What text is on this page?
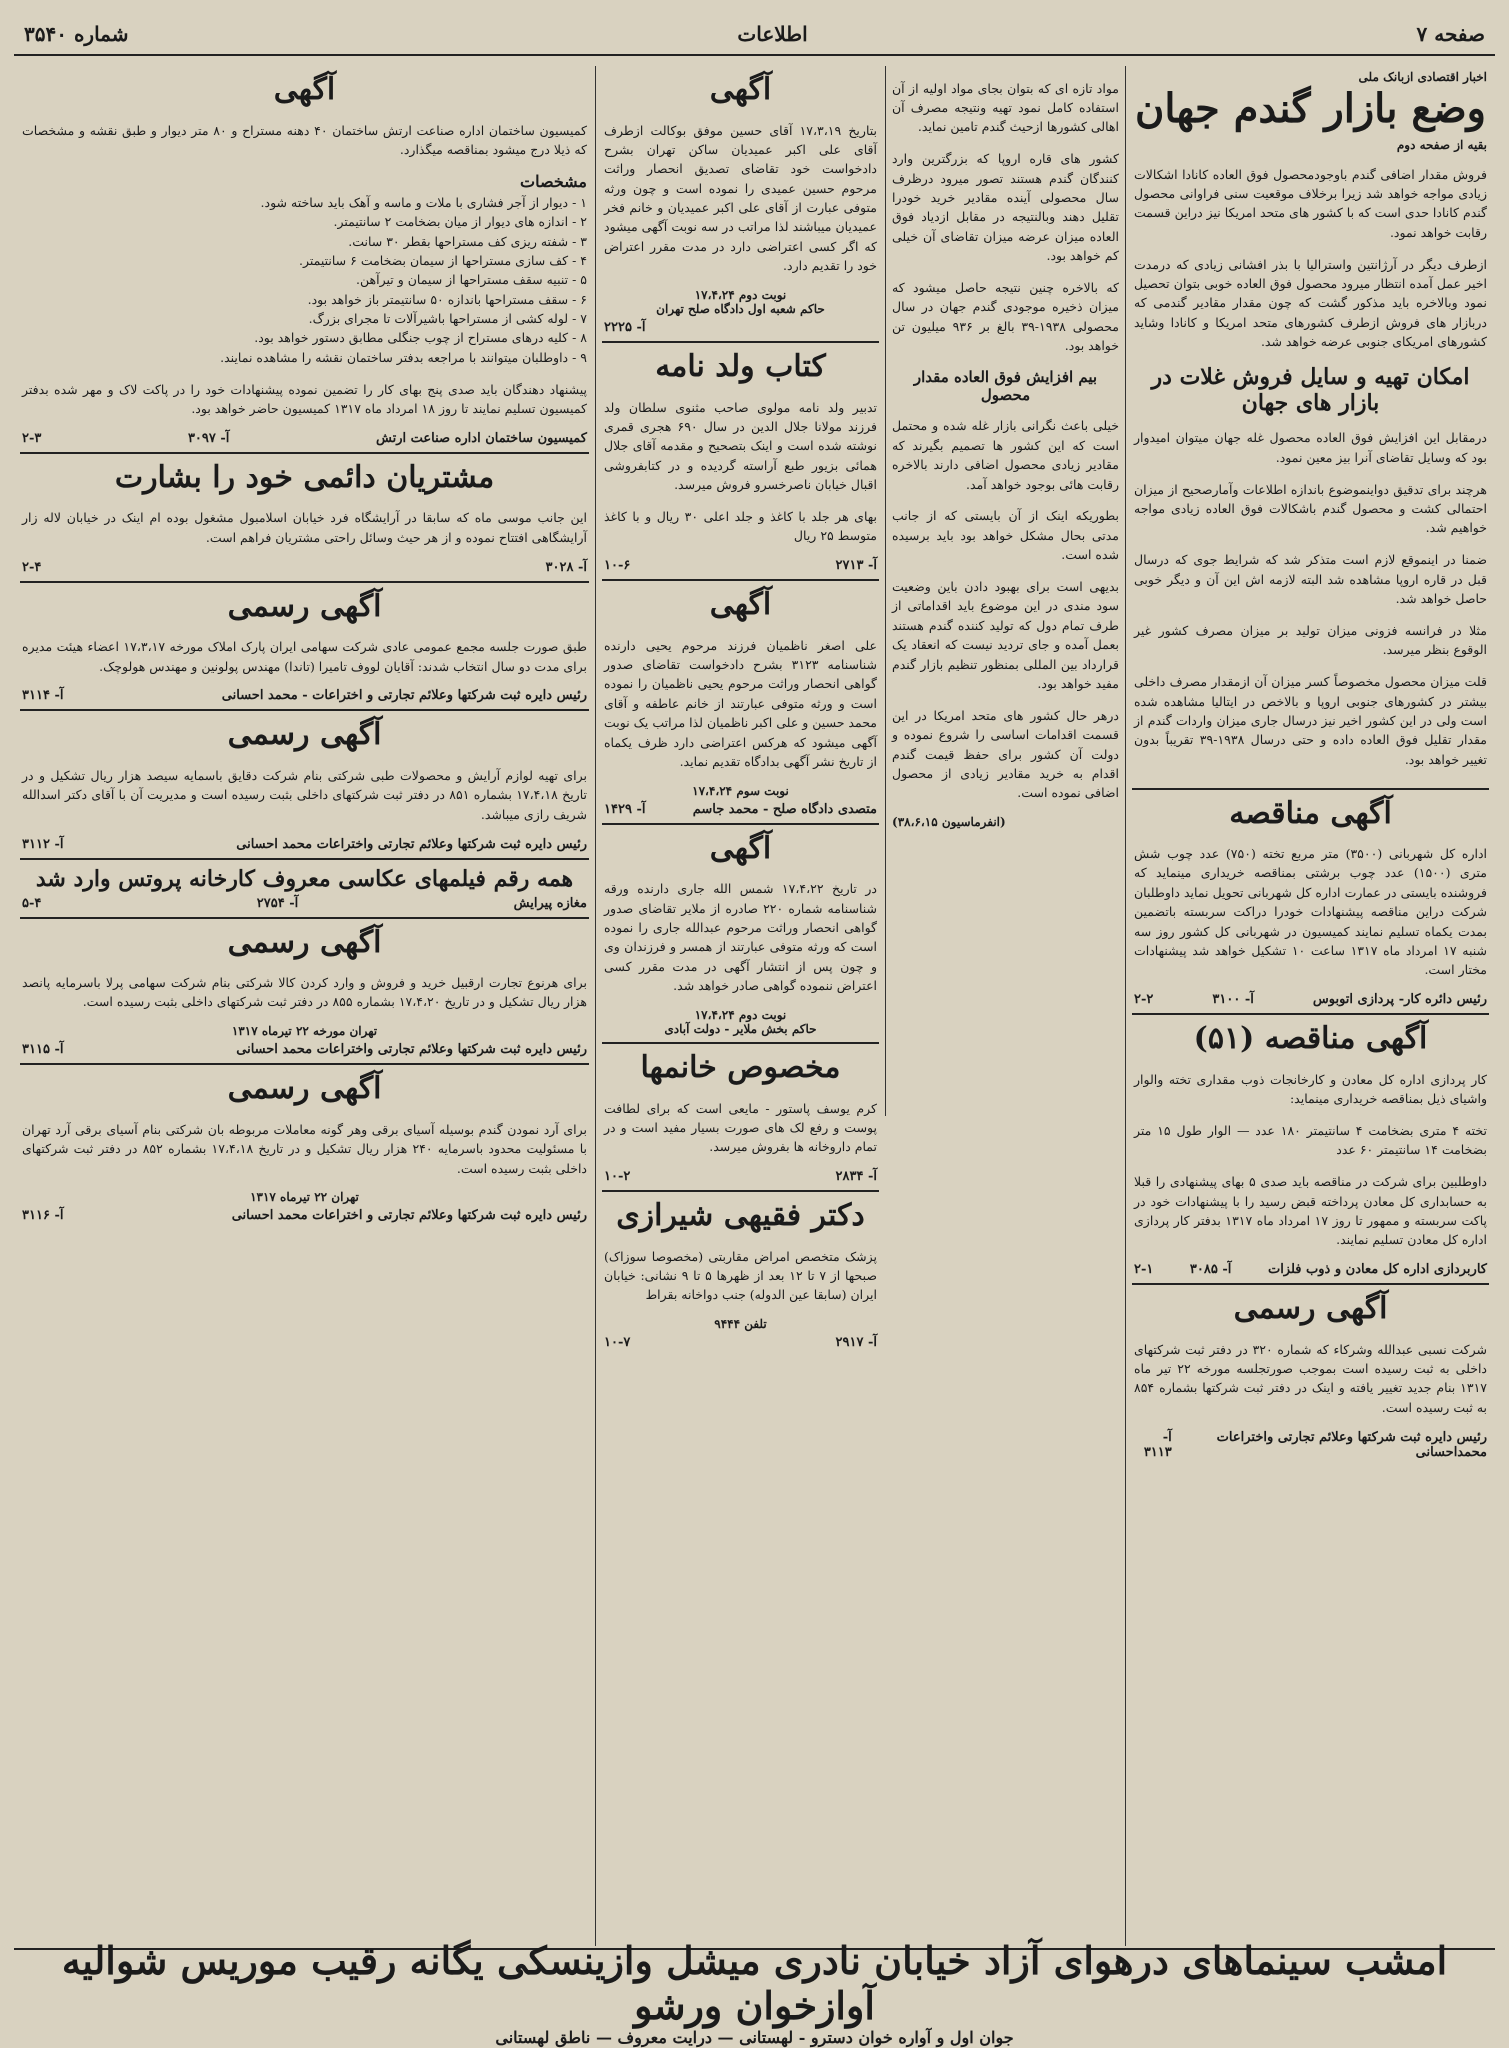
صفحه ۷
اطلاعات
شماره ۳۵۴۰
اخبار اقتصادی ازبانک ملی
وضع بازار گندم جهان
بقیه از صفحه دوم

فروش مقدار اضافی گندم باوجودمحصول فوق العاده کانادا اشکالات زیادی مواجه خواهد شد زیرا برخلاف موقعیت سنی فراوانی محصول گندم کانادا حدی است که با کشور های متحد امریکا نیز دراین قسمت رقابت خواهد نمود.

ازطرف دیگر در آرژانتین واسترالیا با بذر افشانی زیادی که درمدت اخیر عمل آمده انتظار میرود محصول فوق العاده خوبی بتوان تحصیل نمود وبالاخره باید مذکور گشت که چون مقدار مقادیر گندمی که دربازار های فروش ازطرف کشورهای متحد امریکا و کانادا وشاید کشورهای امریکای جنوبی عرضه خواهد شد.

امکان تهیه و سایل فروش غلات در بازار های جهان

درمقابل این افزایش فوق العاده محصول غله جهان میتوان امیدوار بود که وسایل تقاضای آنرا بیز معین نمود.

هرچند برای تدقیق دواینموضوع باندازه اطلاعات وآمارصحیح از میزان احتمالی کشت و محصول گندم باشکالات فوق العاده زیادی مواجه خواهیم شد.

ضمنا در اینموقع لازم است متذکر شد که شرایط جوی که درسال قبل در قاره اروپا مشاهده شد البته لازمه اش این آن و دیگر خوبی حاصل خواهد شد.

مثلا در فرانسه فزونی میزان تولید بر میزان مصرف کشور غیر الوقوع بنظر میرسد.

قلت میزان محصول مخصوصاً کسر میزان آن ازمقدار مصرف داخلی بیشتر در کشورهای جنوبی اروپا و بالاخص در ایتالیا مشاهده شده است ولی در این کشور اخیر نیز درسال جاری میزان واردات گندم از مقدار تقلیل فوق العاده داده و حتی درسال ۱۹۳۸-۳۹ تقریباً بدون تغییر خواهد بود.

آگهی مناقصه

اداره کل شهربانی (۳۵۰۰) متر مربع تخته (۷۵۰) عدد چوب شش متری (۱۵۰۰) عدد چوب برشتی بمناقصه خریداری مینماید که فروشنده بایستی در عمارت اداره کل شهربانی تحویل نماید داوطلبان شرکت دراین مناقصه پیشنهادات خودرا دراکت سربسته باتضمین بمدت یکماه تسلیم نمایند کمیسیون در شهربانی کل کشور روز سه شنبه ۱۷ امرداد ماه ۱۳۱۷ ساعت ۱۰ تشکیل خواهد شد پیشنهادات مختار است.

۲-۲	آ- ۳۱۰۰	رئیس دائره کار- پردازی اتوبوس
آگهی مناقصه (۵۱)

کار پردازی اداره کل معادن و کارخانجات ذوب مقداری تخته والوار واشیای ذیل بمناقصه خریداری مینماید:

تخته ۴ متری بضخامت ۴ سانتیمتر ۱۸۰ عدد — الوار طول ۱۵ متر بضخامت ۱۴ سانتیمتر ۶۰ عدد

داوطلبین برای شرکت در مناقصه باید صدی ۵ بهای پیشنهادی را قبلا به حسابداری کل معادن پرداخته قبض رسید را با پیشنهادات خود در پاکت سربسته و ممهور تا روز ۱۷ امرداد ماه ۱۳۱۷ بدفتر کار پردازی اداره کل معادن تسلیم نمایند.

۲-۱	آ- ۳۰۸۵	کاربردازی اداره کل معادن و ذوب فلزات
آگهی رسمی

شرکت نسبی عبدالله وشرکاء که شماره ۳۲۰ در دفتر ثبت شرکتهای داخلی به ثبت رسیده است بموجب صورتجلسه مورخه ۲۲ تیر ماه ۱۳۱۷ بنام جدید تغییر یافته و اینک در دفتر ثبت شرکتها بشماره ۸۵۴ به ثبت رسیده است.

آ- ۳۱۱۳
رئیس دایره ثبت شرکتها وعلائم تجارتی واختراعات محمداحسانی

مواد تازه ای که بتوان بجای مواد اولیه از آن استفاده کامل نمود تهیه ونتیجه مصرف آن اهالی کشورها ازحیث گندم تامین نماید.

کشور های قاره اروپا که بزرگترین وارد کنندگان گندم هستند تصور میرود درظرف سال محصولی آینده مقادیر خرید خودرا تقلیل دهند وبالنتیجه در مقابل ازدیاد فوق العاده میزان عرضه میزان تقاضای آن خیلی کم خواهد بود.

که بالاخره چنین نتیجه حاصل میشود که میزان ذخیره موجودی گندم جهان در سال محصولی ۱۹۳۸-۳۹ بالغ بر ۹۳۶ میلیون تن خواهد بود.

بیم افزایش فوق العاده مقدار محصول

خیلی باعث نگرانی بازار غله شده و محتمل است که این کشور ها تصمیم بگیرند که مقادیر زیادی محصول اضافی دارند بالاخره رقابت هائی بوجود خواهد آمد.

بطوریکه اینک از آن بایستی که از جانب مدتی بحال مشکل خواهد بود باید برسیده شده است.

بدیهی است برای بهبود دادن باین وضعیت سود مندی در این موضوع باید اقداماتی از طرف تمام دول که تولید کننده گندم هستند بعمل آمده و جای تردید نیست که انعقاد یک قرارداد بین المللی بمنظور تنظیم بازار گندم مفید خواهد بود.

درهر حال کشور های متحد امریکا در این قسمت اقدامات اساسی را شروع نموده و دولت آن کشور برای حفظ قیمت گندم اقدام به خرید مقادیر زیادی از محصول اضافی نموده است.

(انفرماسیون ۳۸،۶،۱۵)
آگهی

بتاریخ ۱۷،۳،۱۹ آقای حسین موفق بوکالت ازطرف آقای علی اکبر عمیدیان ساکن تهران بشرح دادخواست خود تقاضای تصدیق انحصار وراثت مرحوم حسین عمیدی را نموده است و چون ورثه متوفی عبارت از آقای علی اکبر عمیدیان و خانم فخر عمیدیان میباشند لذا مراتب در سه نوبت آگهی میشود که اگر کسی اعتراضی دارد در مدت مقرر اعتراض خود را تقدیم دارد.

نوبت دوم ۱۷،۴،۲۴
حاکم شعبه اول دادگاه صلح تهران
آ- ۲۲۲۵
کتاب ولد نامه

تدبیر ولد نامه مولوی صاحب مثنوی سلطان ولد فرزند مولانا جلال الدین در سال ۶۹۰ هجری قمری نوشته شده است و اینک بتصحیح و مقدمه آقای جلال همائی بزیور طبع آراسته گردیده و در کتابفروشی اقبال خیابان ناصرخسرو فروش میرسد.

بهای هر جلد با کاغذ و جلد اعلی ۳۰ ریال و با کاغذ متوسط ۲۵ ریال

۱۰-۶	آ- ۲۷۱۳
آگهی

علی اصغر ناظمیان فرزند مرحوم یحیی دارنده شناسنامه ۳۱۲۳ بشرح دادخواست تقاضای صدور گواهی انحصار وراثت مرحوم یحیی ناظمیان را نموده است و ورثه متوفی عبارتند از خانم عاطفه و آقای محمد حسین و علی اکبر ناظمیان لذا مراتب یک نوبت آگهی میشود که هرکس اعتراضی دارد ظرف یکماه از تاریخ نشر آگهی بدادگاه تقدیم نماید.

نوبت سوم ۱۷،۴،۲۴
آ- ۱۴۲۹	متصدی دادگاه صلح - محمد جاسم
آگهی

در تاریخ ۱۷،۴،۲۲ شمس الله جاری دارنده ورقه شناسنامه شماره ۲۲۰ صادره از ملایر تقاضای صدور گواهی انحصار وراثت مرحوم عبدالله جاری را نموده است که ورثه متوفی عبارتند از همسر و فرزندان وی و چون پس از انتشار آگهی در مدت مقرر کسی اعتراض ننموده گواهی صادر خواهد شد.

نوبت دوم ۱۷،۴،۲۴
حاکم بخش ملایر - دولت آبادی
مخصوص خانمها

کرم یوسف پاستور - مایعی است که برای لطافت پوست و رفع لک های صورت بسیار مفید است و در تمام داروخانه ها بفروش میرسد.

۱۰-۲	آ- ۲۸۳۴
دکتر فقیهی شیرازی

پزشک متخصص امراض مقاربتی (مخصوصا سوزاک) صبحها از ۷ تا ۱۲ بعد از ظهرها ۵ تا ۹ نشانی: خیابان ایران (سابقا عین الدوله) جنب دواخانه بقراط

تلفن ۹۴۴۴
۱۰-۷	آ- ۲۹۱۷
آگهی

کمیسیون ساختمان اداره صناعت ارتش ساختمان ۴۰ دهنه مستراح و ۸۰ متر دیوار و طبق نقشه و مشخصات که ذیلا درج میشود بمناقصه میگذارد.

مشخصات
۱ - دیوار از آجر فشاری با ملات و ماسه و آهک باید ساخته شود.
۲ - اندازه های دیوار از میان بضخامت ۲ سانتیمتر.
۳ - شفته ریزی کف مستراحها بقطر ۳۰ سانت.
۴ - کف سازی مستراحها از سیمان بضخامت ۶ سانتیمتر.
۵ - تنبیه سقف مستراحها از سیمان و تیرآهن.
۶ - سقف مستراحها باندازه ۵۰ سانتیمتر باز خواهد بود.
۷ - لوله کشی از مستراحها باشیرآلات تا مجرای بزرگ.
۸ - کلیه درهای مستراح از چوب جنگلی مطابق دستور خواهد بود.
۹ - داوطلبان میتوانند با مراجعه بدفتر ساختمان نقشه را مشاهده نمایند.

پیشنهاد دهندگان باید صدی پنج بهای کار را تضمین نموده پیشنهادات خود را در پاکت لاک و مهر شده بدفتر کمیسیون تسلیم نمایند تا روز ۱۸ امرداد ماه ۱۳۱۷ کمیسیون حاضر خواهد بود.

۲-۳	آ- ۳۰۹۷	کمیسیون ساختمان اداره صناعت ارتش
مشتریان دائمی خود را بشارت

این جانب موسی ماه که سابقا در آرایشگاه فرد خیابان اسلامبول مشغول بوده ام اینک در خیابان لاله زار آرایشگاهی افتتاح نموده و از هر حیث وسائل راحتی مشتریان فراهم است.

۲-۴	آ- ۳۰۲۸
آگهی رسمی

طبق صورت جلسه مجمع عمومی عادی شرکت سهامی ایران پارک املاک مورخه ۱۷،۳،۱۷ اعضاء هیئت مدیره برای مدت دو سال انتخاب شدند: آقایان لووف تامیرا (تاندا) مهندس پولونین و مهندس هولوچک.

آ- ۳۱۱۴	رئیس دایره ثبت شرکتها وعلائم تجارتی و اختراعات - محمد احسانی
آگهی رسمی

برای تهیه لوازم آرایش و محصولات طبی شرکتی بنام شرکت دقایق باسمایه سیصد هزار ریال تشکیل و در تاریخ ۱۷،۴،۱۸ بشماره ۸۵۱ در دفتر ثبت شرکتهای داخلی بثبت رسیده است و مدیریت آن با آقای دکتر اسدالله شریف رازی میباشد.

آ- ۳۱۱۲	رئیس دایره ثبت شرکتها وعلائم تجارتی واختراعات محمد احسانی
همه رقم فیلمهای عکاسی معروف کارخانه پروتس وارد شد
۵-۴	آ- ۲۷۵۴	مغازه پیرایش
آگهی رسمی

برای هرنوع تجارت ارقبیل خرید و فروش و وارد کردن کالا شرکتی بنام شرکت سهامی پرلا باسرمایه پانصد هزار ریال تشکیل و در تاریخ ۱۷،۴،۲۰ بشماره ۸۵۵ در دفتر ثبت شرکتهای داخلی بثبت رسیده است.

تهران مورخه ۲۲ تیرماه ۱۳۱۷
آ- ۳۱۱۵	رئیس دایره ثبت شرکتها وعلائم تجارتی واختراعات محمد احسانی
آگهی رسمی

برای آرد نمودن گندم بوسیله آسیای برقی وهر گونه معاملات مربوطه بان شرکتی بنام آسیای برقی آرد تهران با مسئولیت محدود باسرمایه ۲۴۰ هزار ریال تشکیل و در تاریخ ۱۷،۴،۱۸ بشماره ۸۵۲ در دفتر ثبت شرکتهای داخلی بثبت رسیده است.

تهران ۲۲ تیرماه ۱۳۱۷
آ- ۳۱۱۶	رئیس دایره ثبت شرکتها وعلائم تجارتی و اختراعات محمد احسانی
امشب سینماهای درهوای آزاد خیابان نادری میشل وازینسکی یگانه رقیب موریس شوالیه آوازخوان ورشو
جوان اول و آواره خوان دسترو - لهستانی — درایت معروف — ناطق لهستانی
